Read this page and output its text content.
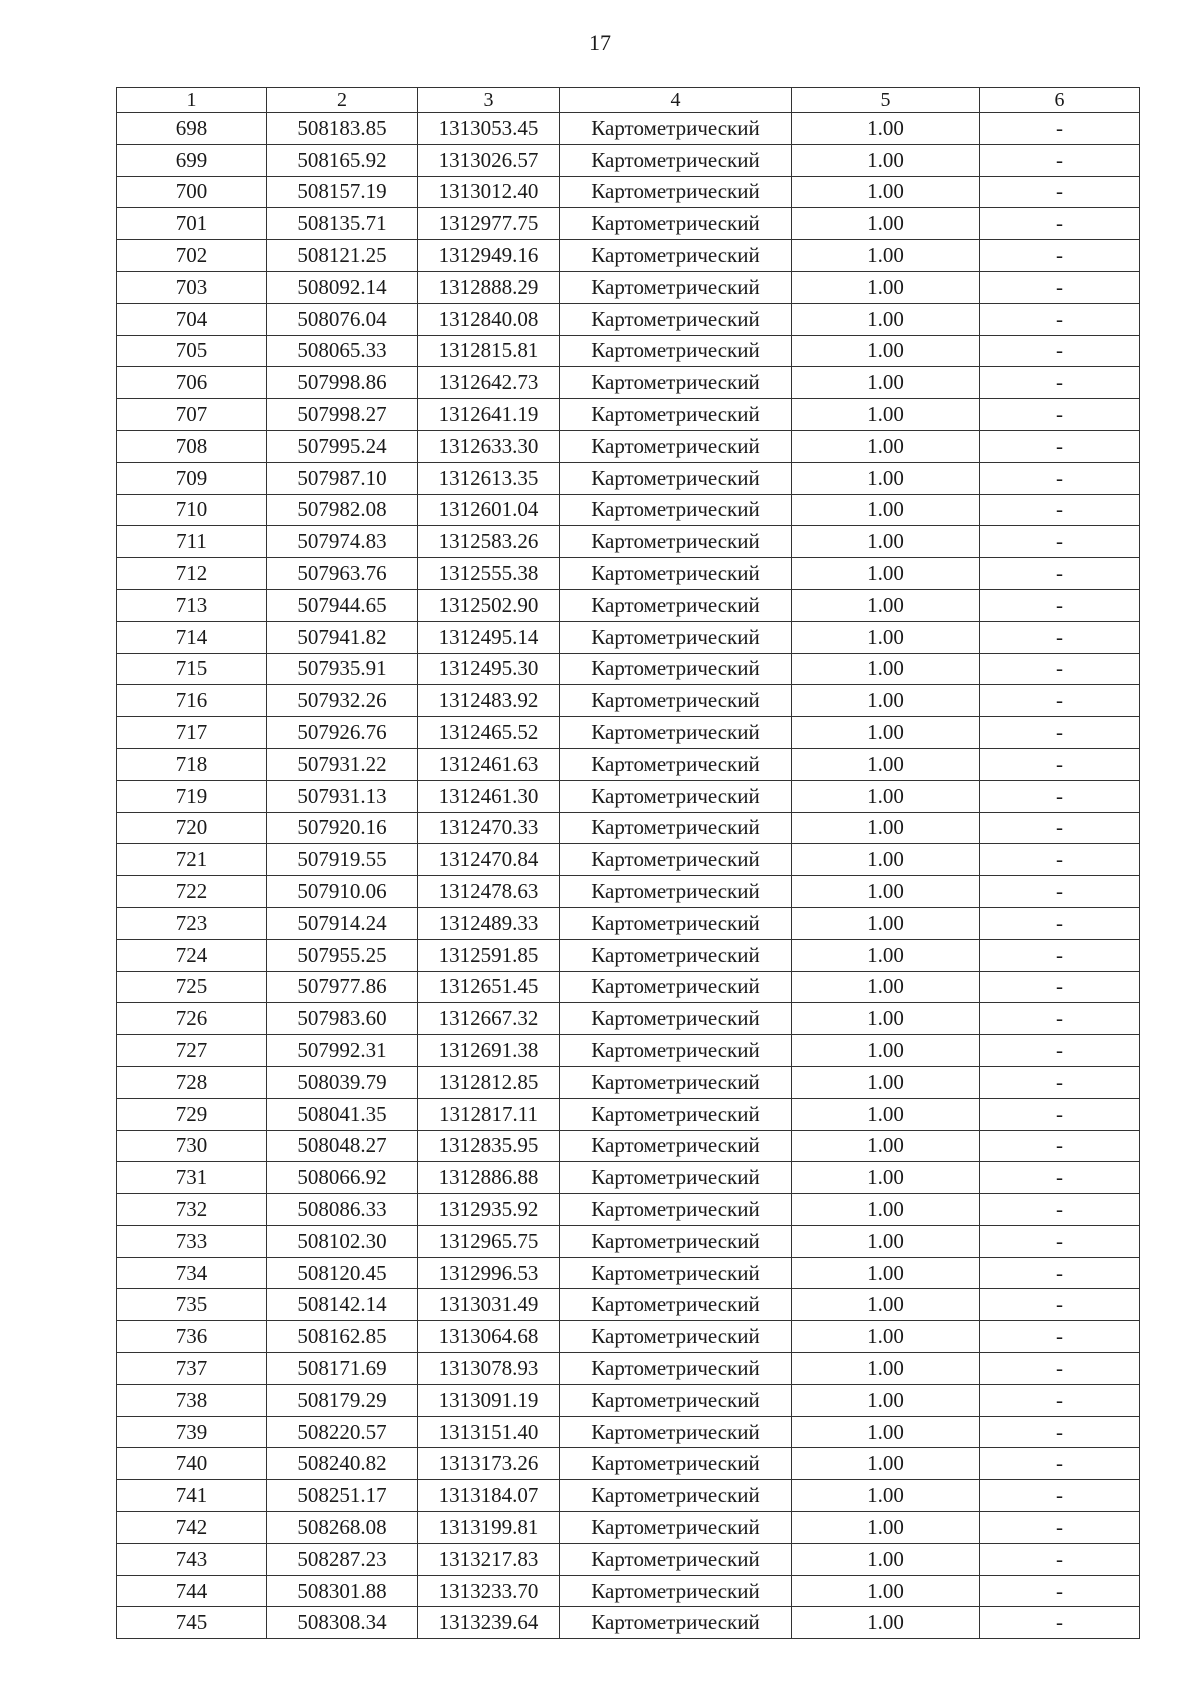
17
1	2	3	4	5	6
698	508183.85	1313053.45	Картометрический	1.00	-
699	508165.92	1313026.57	Картометрический	1.00	-
700	508157.19	1313012.40	Картометрический	1.00	-
701	508135.71	1312977.75	Картометрический	1.00	-
702	508121.25	1312949.16	Картометрический	1.00	-
703	508092.14	1312888.29	Картометрический	1.00	-
704	508076.04	1312840.08	Картометрический	1.00	-
705	508065.33	1312815.81	Картометрический	1.00	-
706	507998.86	1312642.73	Картометрический	1.00	-
707	507998.27	1312641.19	Картометрический	1.00	-
708	507995.24	1312633.30	Картометрический	1.00	-
709	507987.10	1312613.35	Картометрический	1.00	-
710	507982.08	1312601.04	Картометрический	1.00	-
711	507974.83	1312583.26	Картометрический	1.00	-
712	507963.76	1312555.38	Картометрический	1.00	-
713	507944.65	1312502.90	Картометрический	1.00	-
714	507941.82	1312495.14	Картометрический	1.00	-
715	507935.91	1312495.30	Картометрический	1.00	-
716	507932.26	1312483.92	Картометрический	1.00	-
717	507926.76	1312465.52	Картометрический	1.00	-
718	507931.22	1312461.63	Картометрический	1.00	-
719	507931.13	1312461.30	Картометрический	1.00	-
720	507920.16	1312470.33	Картометрический	1.00	-
721	507919.55	1312470.84	Картометрический	1.00	-
722	507910.06	1312478.63	Картометрический	1.00	-
723	507914.24	1312489.33	Картометрический	1.00	-
724	507955.25	1312591.85	Картометрический	1.00	-
725	507977.86	1312651.45	Картометрический	1.00	-
726	507983.60	1312667.32	Картометрический	1.00	-
727	507992.31	1312691.38	Картометрический	1.00	-
728	508039.79	1312812.85	Картометрический	1.00	-
729	508041.35	1312817.11	Картометрический	1.00	-
730	508048.27	1312835.95	Картометрический	1.00	-
731	508066.92	1312886.88	Картометрический	1.00	-
732	508086.33	1312935.92	Картометрический	1.00	-
733	508102.30	1312965.75	Картометрический	1.00	-
734	508120.45	1312996.53	Картометрический	1.00	-
735	508142.14	1313031.49	Картометрический	1.00	-
736	508162.85	1313064.68	Картометрический	1.00	-
737	508171.69	1313078.93	Картометрический	1.00	-
738	508179.29	1313091.19	Картометрический	1.00	-
739	508220.57	1313151.40	Картометрический	1.00	-
740	508240.82	1313173.26	Картометрический	1.00	-
741	508251.17	1313184.07	Картометрический	1.00	-
742	508268.08	1313199.81	Картометрический	1.00	-
743	508287.23	1313217.83	Картометрический	1.00	-
744	508301.88	1313233.70	Картометрический	1.00	-
745	508308.34	1313239.64	Картометрический	1.00	-
